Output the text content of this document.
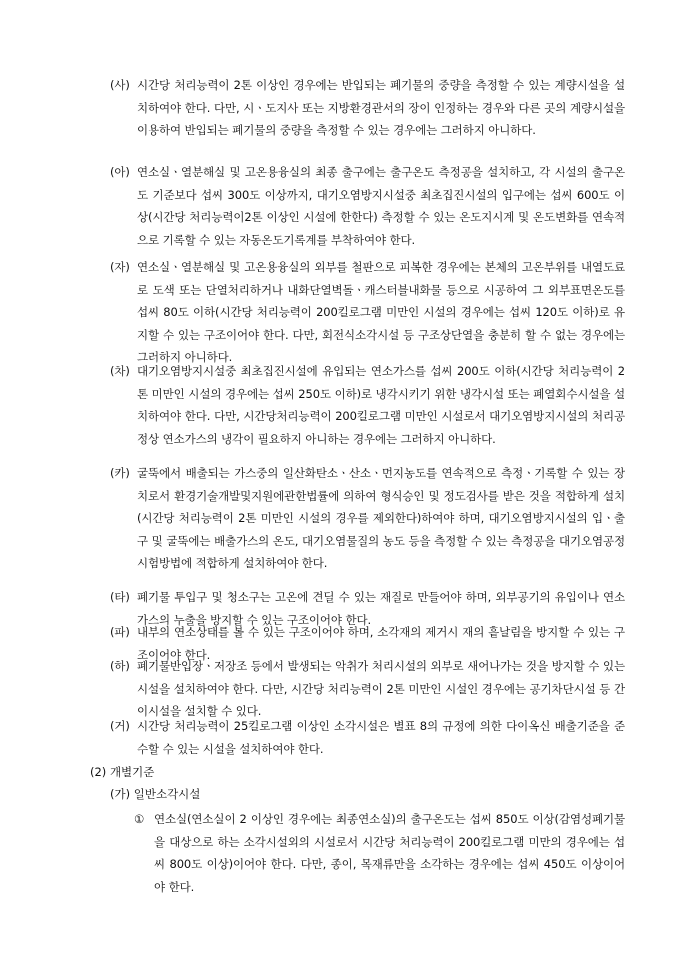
(사) 시간당 처리능력이 2톤 이상인 경우에는 반입되는 폐기물의 중량을 측정할 수 있는 계량시설을 설치하여야 한다. 다만, 시ㆍ도지사 또는 지방환경관서의 장이 인정하는 경우와 다른 곳의 계량시설을 이용하여 반입되는 폐기물의 중량을 측정할 수 있는 경우에는 그러하지 아니하다.
(아) 연소실ㆍ열분해실 및 고온용융실의 최종 출구에는 출구온도 측정공을 설치하고, 각 시설의 출구온도 기준보다 섭씨 300도 이상까지, 대기오염방지시설중 최초집진시설의 입구에는 섭씨 600도 이상(시간당 처리능력이2톤 이상인 시설에 한한다) 측정할 수 있는 온도지시계 및 온도변화를 연속적으로 기록할 수 있는 자동온도기록계를 부착하여야 한다.
(자) 연소실ㆍ열분해실 및 고온용융실의 외부를 철판으로 피복한 경우에는 본체의 고온부위를 내열도료로 도색 또는 단열처리하거나 내화단열벽돌ㆍ캐스터블내화물 등으로 시공하여 그 외부표면온도를 섭씨 80도 이하(시간당 처리능력이 200킬로그램 미만인 시설의 경우에는 섭씨 120도 이하)로 유지할 수 있는 구조이어야 한다. 다만, 회전식소각시설 등 구조상단열을 충분히 할 수 없는 경우에는 그러하지 아니하다.
(차) 대기오염방지시설중 최초집진시설에 유입되는 연소가스를 섭씨 200도 이하(시간당 처리능력이 2톤 미만인 시설의 경우에는 섭씨 250도 이하)로 냉각시키기 위한 냉각시설 또는 폐열회수시설을 설치하여야 한다. 다만, 시간당처리능력이 200킬로그램 미만인 시설로서 대기오염방지시설의 처리공정상 연소가스의 냉각이 필요하지 아니하는 경우에는 그러하지 아니하다.
(카) 굴뚝에서 배출되는 가스중의 일산화탄소ㆍ산소ㆍ먼지농도를 연속적으로 측정ㆍ기록할 수 있는 장치로서 환경기술개발및지원에관한법률에 의하여 형식승인 및 정도검사를 받은 것을 적합하게 설치(시간당 처리능력이 2톤 미만인 시설의 경우를 제외한다)하여야 하며, 대기오염방지시설의 입ㆍ출구 및 굴뚝에는 배출가스의 온도, 대기오염물질의 농도 등을 측정할 수 있는 측정공을 대기오염공정시험방법에 적합하게 설치하여야 한다.
(타) 폐기물 투입구 및 청소구는 고온에 견딜 수 있는 재질로 만들어야 하며, 외부공기의 유입이나 연소가스의 누출을 방지할 수 있는 구조이어야 한다.
(파) 내부의 연소상태를 볼 수 있는 구조이어야 하며, 소각재의 제거시 재의 흩날림을 방지할 수 있는 구조이어야 한다.
(하) 폐기물반입장ㆍ저장조 등에서 발생되는 악취가 처리시설의 외부로 새어나가는 것을 방지할 수 있는 시설을 설치하여야 한다. 다만, 시간당 처리능력이 2톤 미만인 시설인 경우에는 공기차단시설 등 간이시설을 설치할 수 있다.
(거) 시간당 처리능력이 25킬로그램 이상인 소각시설은 별표 8의 규정에 의한 다이옥신 배출기준을 준수할 수 있는 시설을 설치하여야 한다.
(2) 개별기준
(가) 일반소각시설
① 연소실(연소실이 2 이상인 경우에는 최종연소실)의 출구온도는 섭씨 850도 이상(감염성폐기물을 대상으로 하는 소각시설외의 시설로서 시간당 처리능력이 200킬로그램 미만의 경우에는 섭씨 800도 이상)이어야 한다. 다만, 종이, 목재류만을 소각하는 경우에는 섭씨 450도 이상이어야 한다.
